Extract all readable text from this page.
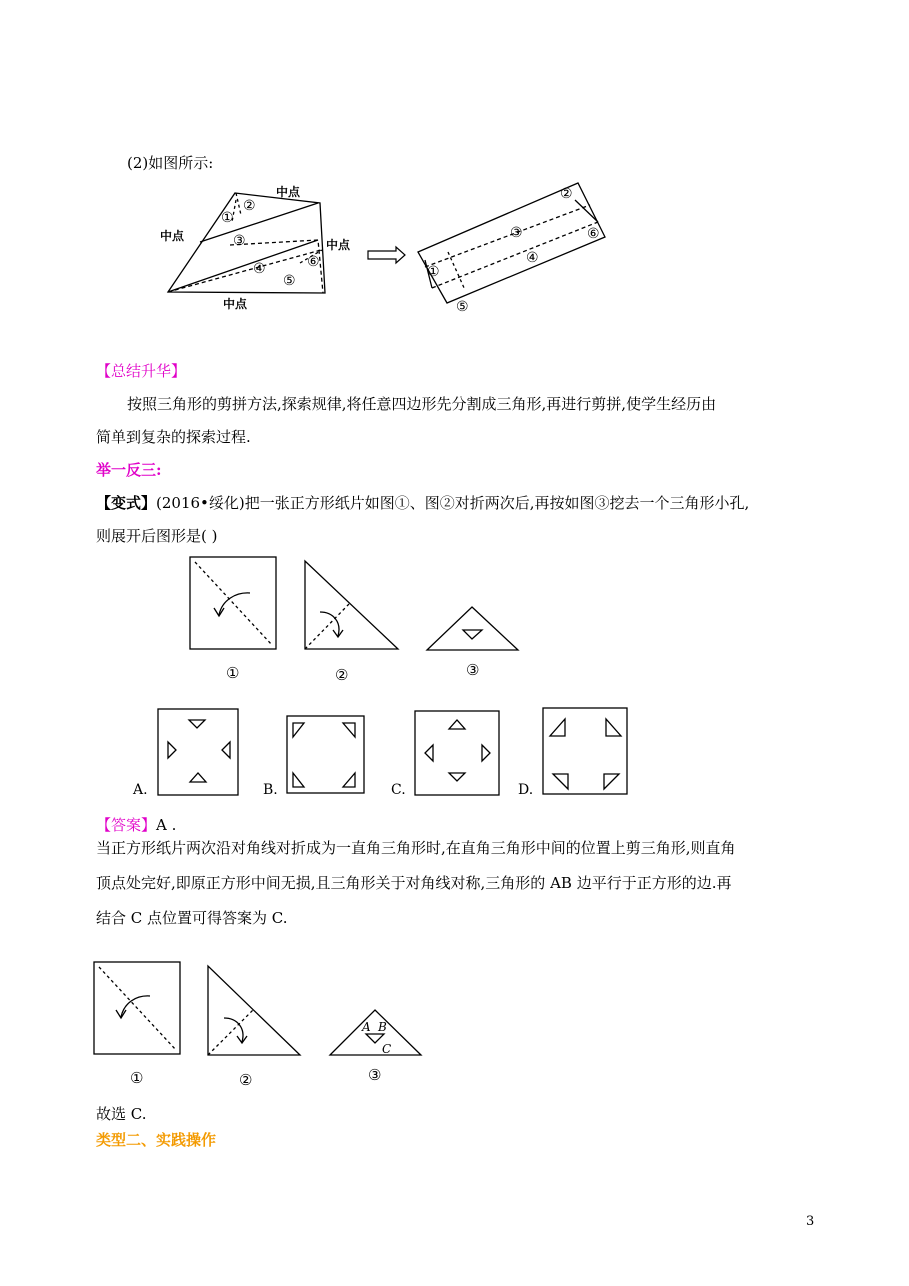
(2)如图所示:
中点
中点
中点
中点
①
②
③
④
⑤
⑥
①
②
③
④
⑤
⑥
【总结升华】
按照三角形的剪拼方法,探索规律,将任意四边形先分割成三角形,再进行剪拼,使学生经历由
简单到复杂的探索过程.
举一反三:
【变式】(2016•绥化)把一张正方形纸片如图①、图②对折两次后,再按如图③挖去一个三角形小孔,
则展开后图形是( )
①	②	③
A.	B.	C.	D.
【答案】A .
当正方形纸片两次沿对角线对折成为一直角三角形时,在直角三角形中间的位置上剪三角形,则直角
顶点处完好,即原正方形中间无损,且三角形关于对角线对称,三角形的 AB 边平行于正方形的边.再
结合 C 点位置可得答案为 C.
A B
C
①	②	③
故选 C.
类型二、实践操作
3
